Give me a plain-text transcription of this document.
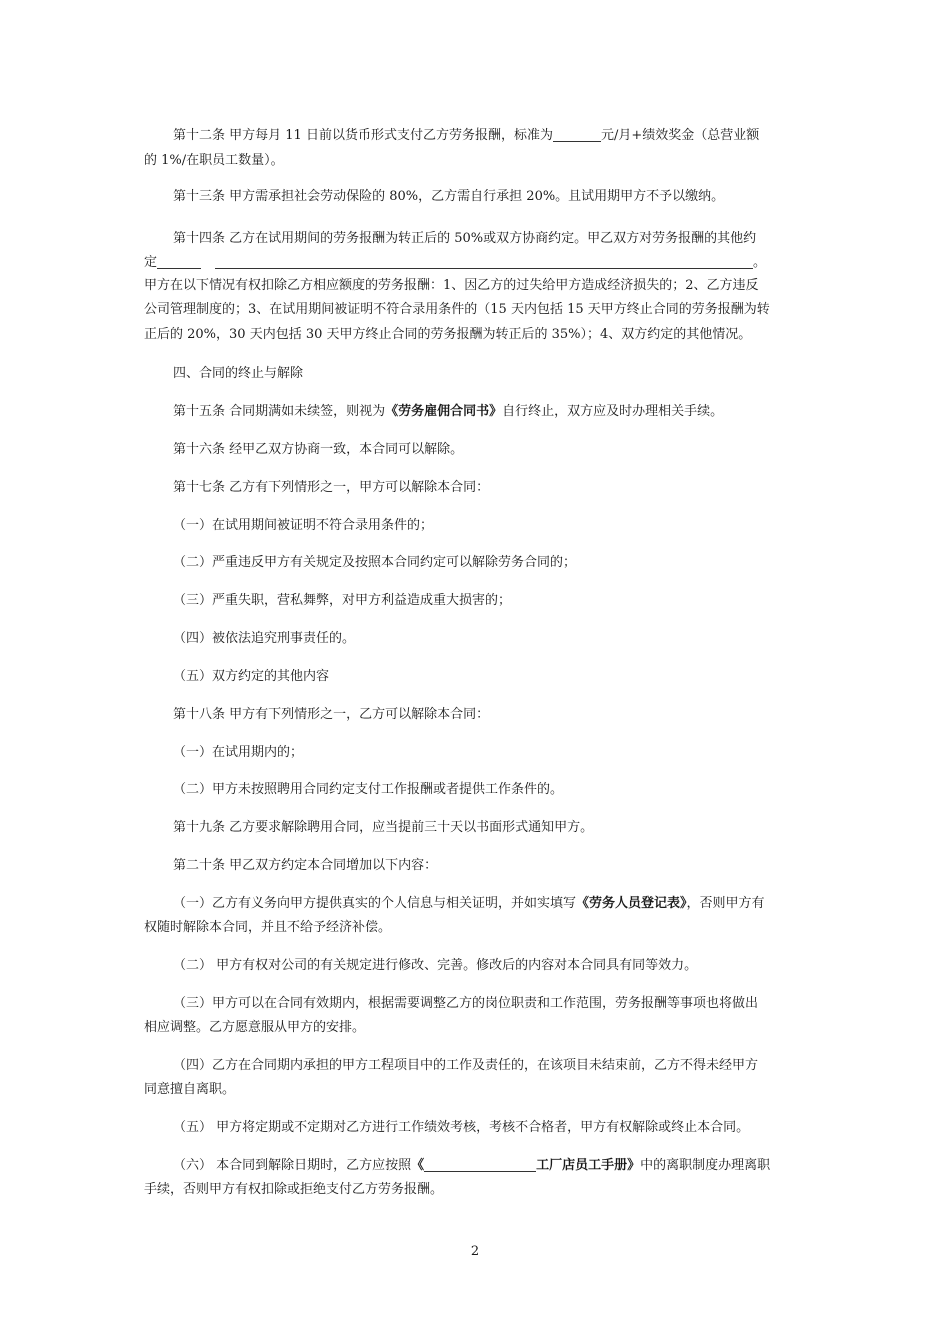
第十二条 甲方每月 11 日前以货币形式支付乙方劳务报酬，标准为	元/月+绩效奖金（总营业额
的 1%/在职员工数量）。
第十三条 甲方需承担社会劳动保险的 80%，乙方需自行承担 20%。且试用期甲方不予以缴纳。
第十四条 乙方在试用期间的劳务报酬为转正后的 50%或双方协商约定。甲乙双方对劳务报酬的其他约
定	。
甲方在以下情况有权扣除乙方相应额度的劳务报酬：1、因乙方的过失给甲方造成经济损失的；2、乙方违反
公司管理制度的；3、在试用期间被证明不符合录用条件的（15 天内包括 15 天甲方终止合同的劳务报酬为转
正后的 20%，30 天内包括 30 天甲方终止合同的劳务报酬为转正后的 35%）；4、双方约定的其他情况。
四、合同的终止与解除
第十五条 合同期满如未续签，则视为《劳务雇佣合同书》自行终止，双方应及时办理相关手续。
第十六条 经甲乙双方协商一致，本合同可以解除。
第十七条 乙方有下列情形之一，甲方可以解除本合同：
（一）在试用期间被证明不符合录用条件的；
（二）严重违反甲方有关规定及按照本合同约定可以解除劳务合同的；
（三）严重失职，营私舞弊，对甲方利益造成重大损害的；
（四）被依法追究刑事责任的。
（五）双方约定的其他内容
第十八条 甲方有下列情形之一，乙方可以解除本合同：
（一）在试用期内的；
（二）甲方未按照聘用合同约定支付工作报酬或者提供工作条件的。
第十九条 乙方要求解除聘用合同，应当提前三十天以书面形式通知甲方。
第二十条 甲乙双方约定本合同增加以下内容：
（一）乙方有义务向甲方提供真实的个人信息与相关证明，并如实填写《劳务人员登记表》，否则甲方有
权随时解除本合同，并且不给予经济补偿。
（二） 甲方有权对公司的有关规定进行修改、完善。修改后的内容对本合同具有同等效力。
（三）甲方可以在合同有效期内，根据需要调整乙方的岗位职责和工作范围，劳务报酬等事项也将做出
相应调整。乙方愿意服从甲方的安排。
（四）乙方在合同期内承担的甲方工程项目中的工作及责任的，在该项目未结束前，乙方不得未经甲方
同意擅自离职。
（五） 甲方将定期或不定期对乙方进行工作绩效考核，考核不合格者，甲方有权解除或终止本合同。
（六） 本合同到解除日期时，乙方应按照《	工厂店员工手册》中的离职制度办理离职
手续，否则甲方有权扣除或拒绝支付乙方劳务报酬。
2
